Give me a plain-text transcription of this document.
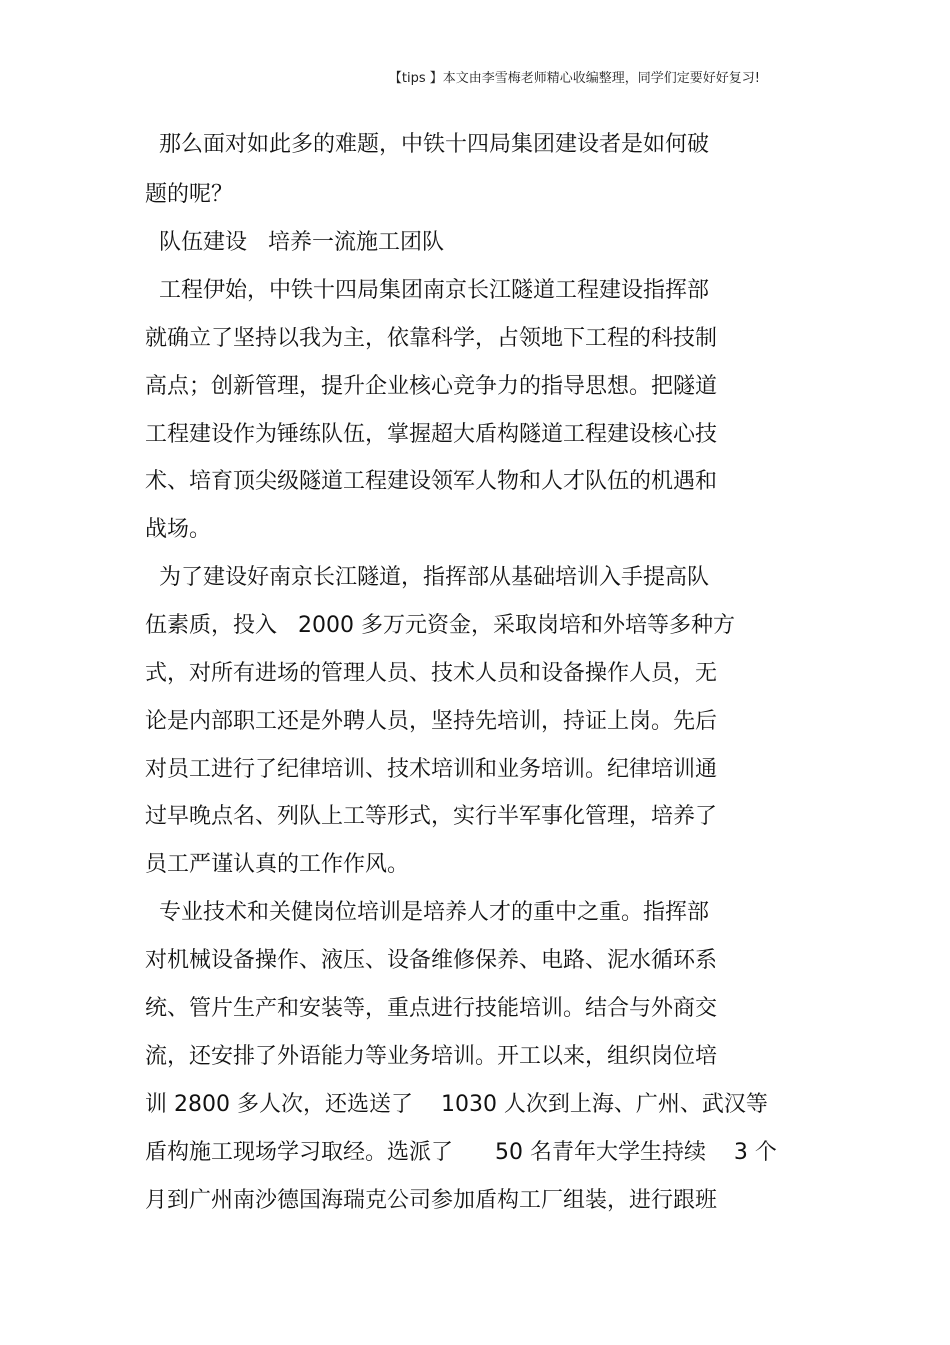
【tips 】本文由李雪梅老师精心收编整理，同学们定要好好复习!
那么面对如此多的难题，中铁十四局集团建设者是如何破
题的呢？
队伍建设   培养一流施工团队
工程伊始，中铁十四局集团南京长江隧道工程建设指挥部
就确立了坚持以我为主，依靠科学，占领地下工程的科技制
高点；创新管理，提升企业核心竞争力的指导思想。把隧道
工程建设作为锤练队伍，掌握超大盾构隧道工程建设核心技
术、培育顶尖级隧道工程建设领军人物和人才队伍的机遇和
战场。
为了建设好南京长江隧道，指挥部从基础培训入手提高队
伍素质，投入   2000 多万元资金，采取岗培和外培等多种方
式，对所有进场的管理人员、技术人员和设备操作人员，无
论是内部职工还是外聘人员，坚持先培训，持证上岗。先后
对员工进行了纪律培训、技术培训和业务培训。纪律培训通
过早晚点名、列队上工等形式，实行半军事化管理，培养了
员工严谨认真的工作作风。
专业技术和关健岗位培训是培养人才的重中之重。指挥部
对机械设备操作、液压、设备维修保养、电路、泥水循环系
统、管片生产和安装等，重点进行技能培训。结合与外商交
流，还安排了外语能力等业务培训。开工以来，组织岗位培
训 2800 多人次，还选送了    1030 人次到上海、广州、武汉等
盾构施工现场学习取经。选派了      50 名青年大学生持续    3 个
月到广州南沙德国海瑞克公司参加盾构工厂组装，进行跟班
